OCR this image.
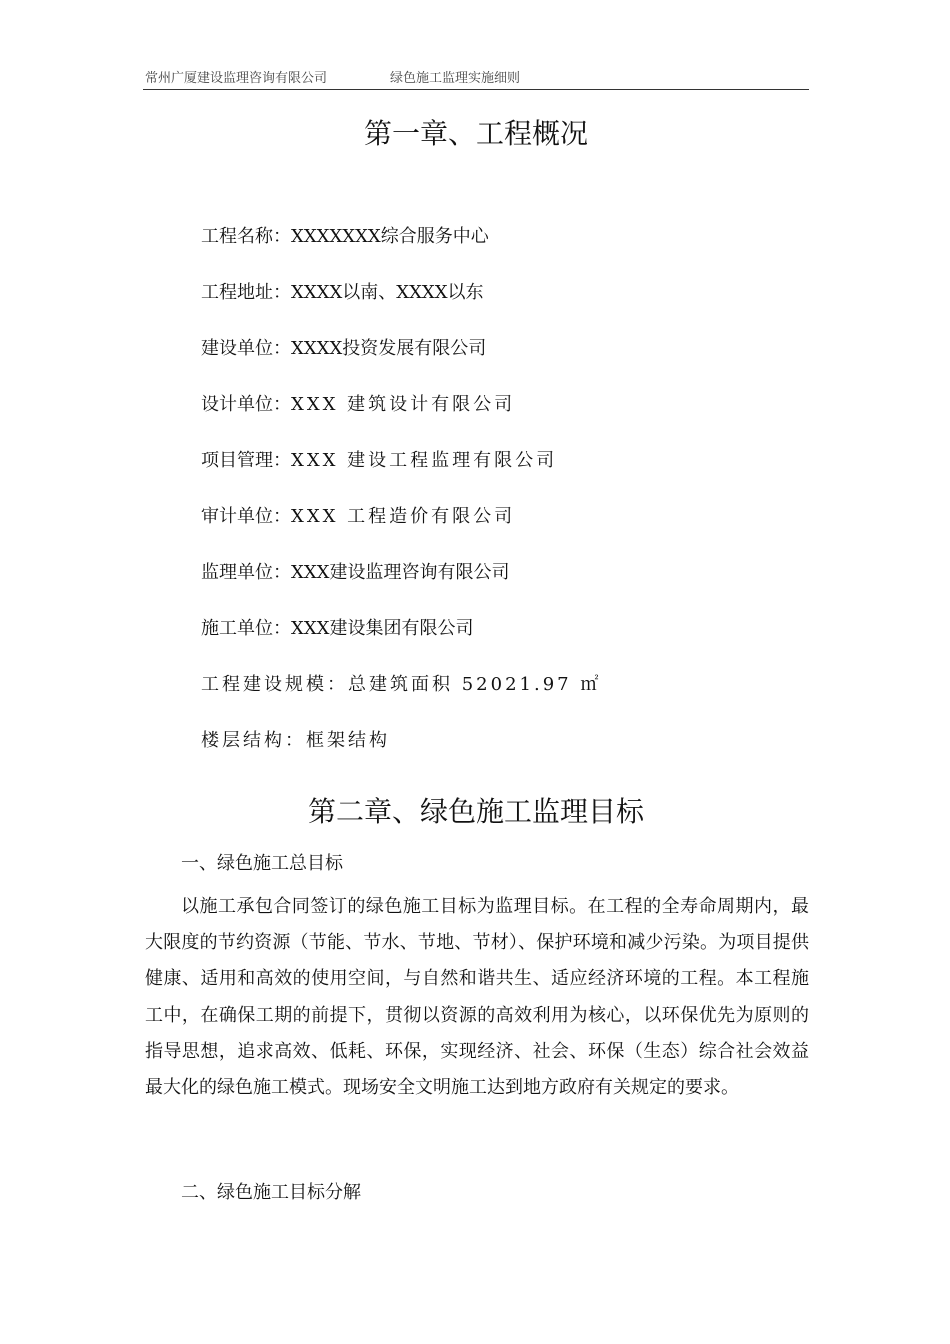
常州广厦建设监理咨询有限公司	绿色施工监理实施细则
第一章、工程概况
工程名称：XXXXXXX综合服务中心
工程地址：XXXX以南、XXXX以东
建设单位：XXXX投资发展有限公司
设计单位：XXX 建筑设计有限公司
项目管理：XXX 建设工程监理有限公司
审计单位：XXX 工程造价有限公司
监理单位：XXX建设监理咨询有限公司
施工单位：XXX建设集团有限公司
工程建设规模：总建筑面积 52021.97 ㎡
楼层结构：框架结构
第二章、绿色施工监理目标
一、绿色施工总目标

以施工承包合同签订的绿色施工目标为监理目标。在工程的全寿命周期内，最大限度的节约资源（节能、节水、节地、节材）、保护环境和减少污染。为项目提供健康、适用和高效的使用空间，与自然和谐共生、适应经济环境的工程。本工程施工中，在确保工期的前提下，贯彻以资源的高效利用为核心，以环保优先为原则的指导思想，追求高效、低耗、环保，实现经济、社会、环保（生态）综合社会效益最大化的绿色施工模式。现场安全文明施工达到地方政府有关规定的要求。

二、绿色施工目标分解
